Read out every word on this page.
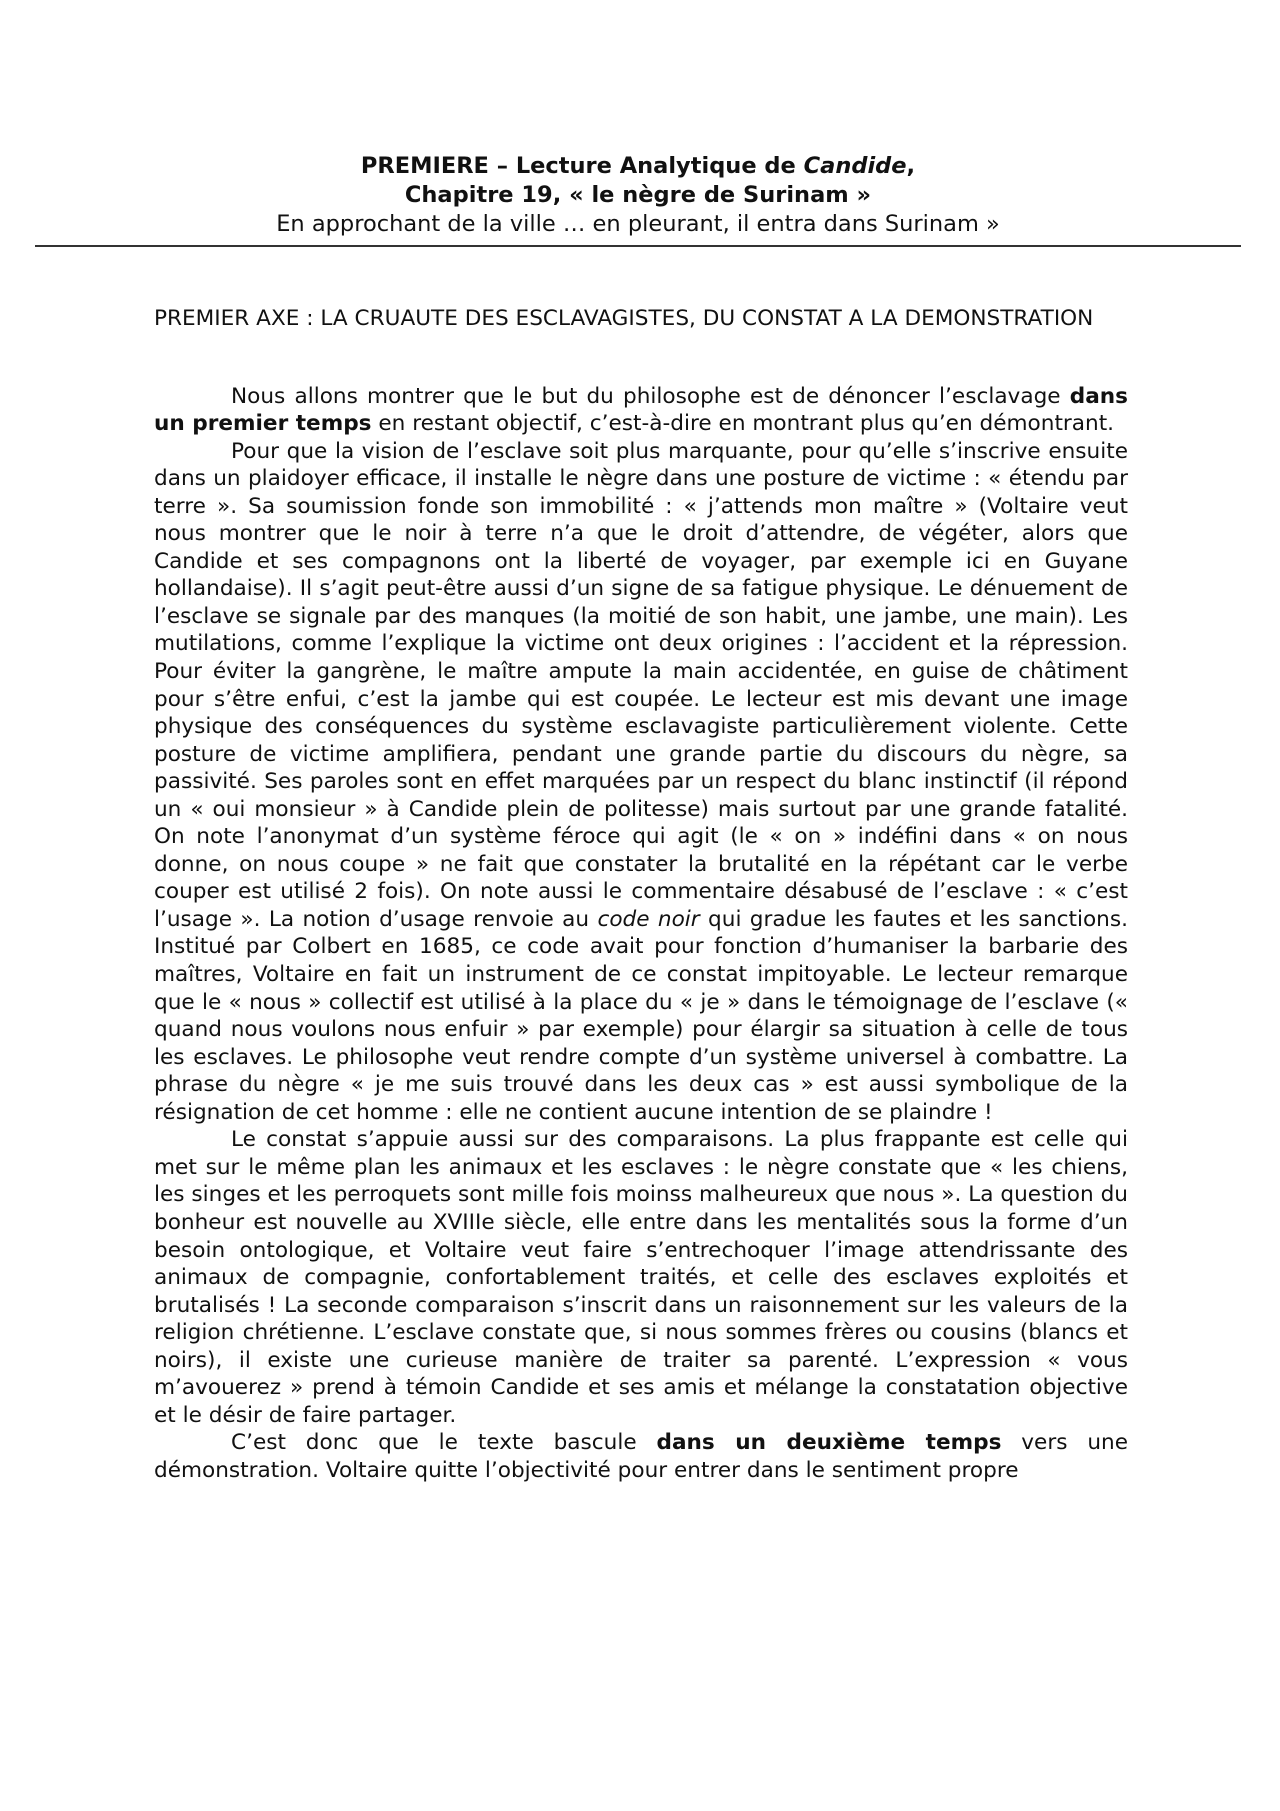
PREMIERE – Lecture Analytique de Candide,
Chapitre 19, « le nègre de Surinam »
En approchant de la ville … en pleurant, il entra dans Surinam »
PREMIER AXE : LA CRUAUTE DES ESCLAVAGISTES, DU CONSTAT A LA DEMONSTRATION

Nous allons montrer que le but du philosophe est de dénoncer l’esclavage dans un premier temps en restant objectif, c’est-à-dire en montrant plus qu’en démontrant.

Pour que la vision de l’esclave soit plus marquante, pour qu’elle s’inscrive ensuite dans un plaidoyer efficace, il installe le nègre dans une posture de victime : « étendu par terre ». Sa soumission fonde son immobilité : « j’attends mon maître » (Voltaire veut nous montrer que le noir à terre n’a que le droit d’attendre, de végéter, alors que Candide et ses compagnons ont la liberté de voyager, par exemple ici en Guyane hollandaise). Il s’agit peut-être aussi d’un signe de sa fatigue physique. Le dénuement de l’esclave se signale par des manques (la moitié de son habit, une jambe, une main). Les mutilations, comme l’explique la victime ont deux origines : l’accident et la répression. Pour éviter la gangrène, le maître ampute la main accidentée, en guise de châtiment pour s’être enfui, c’est la jambe qui est coupée. Le lecteur est mis devant une image physique des conséquences du système esclavagiste particulièrement violente. Cette posture de victime amplifiera, pendant une grande partie du discours du nègre, sa passivité. Ses paroles sont en effet marquées par un respect du blanc instinctif (il répond un « oui monsieur » à Candide plein de politesse) mais surtout par une grande fatalité. On note l’anonymat d’un système féroce qui agit (le « on » indéfini dans « on nous donne, on nous coupe » ne fait que constater la brutalité en la répétant car le verbe couper est utilisé 2 fois). On note aussi le commentaire désabusé de l’esclave : « c’est l’usage ». La notion d’usage renvoie au code noir qui gradue les fautes et les sanctions. Institué par Colbert en 1685, ce code avait pour fonction d’humaniser la barbarie des maîtres, Voltaire en fait un instrument de ce constat impitoyable. Le lecteur remarque que le « nous » collectif est utilisé à la place du « je » dans le témoignage de l’esclave (« quand nous voulons nous enfuir » par exemple) pour élargir sa situation à celle de tous les esclaves. Le philosophe veut rendre compte d’un système universel à combattre. La phrase du nègre « je me suis trouvé dans les deux cas » est aussi symbolique de la résignation de cet homme : elle ne contient aucune intention de se plaindre !

Le constat s’appuie aussi sur des comparaisons. La plus frappante est celle qui met sur le même plan les animaux et les esclaves : le nègre constate que « les chiens, les singes et les perroquets sont mille fois moinss malheureux que nous ». La question du bonheur est nouvelle au XVIIIe siècle, elle entre dans les mentalités sous la forme d’un besoin ontologique, et Voltaire veut faire s’entrechoquer l’image attendrissante des animaux de compagnie, confortablement traités, et celle des esclaves exploités et brutalisés ! La seconde comparaison s’inscrit dans un raisonnement sur les valeurs de la religion chrétienne. L’esclave constate que, si nous sommes frères ou cousins (blancs et noirs), il existe une curieuse manière de traiter sa parenté. L’expression « vous m’avouerez » prend à témoin Candide et ses amis et mélange la constatation objective et le désir de faire partager.

C’est donc que le texte bascule dans un deuxième temps vers une démonstration. Voltaire quitte l’objectivité pour entrer dans le sentiment propre
